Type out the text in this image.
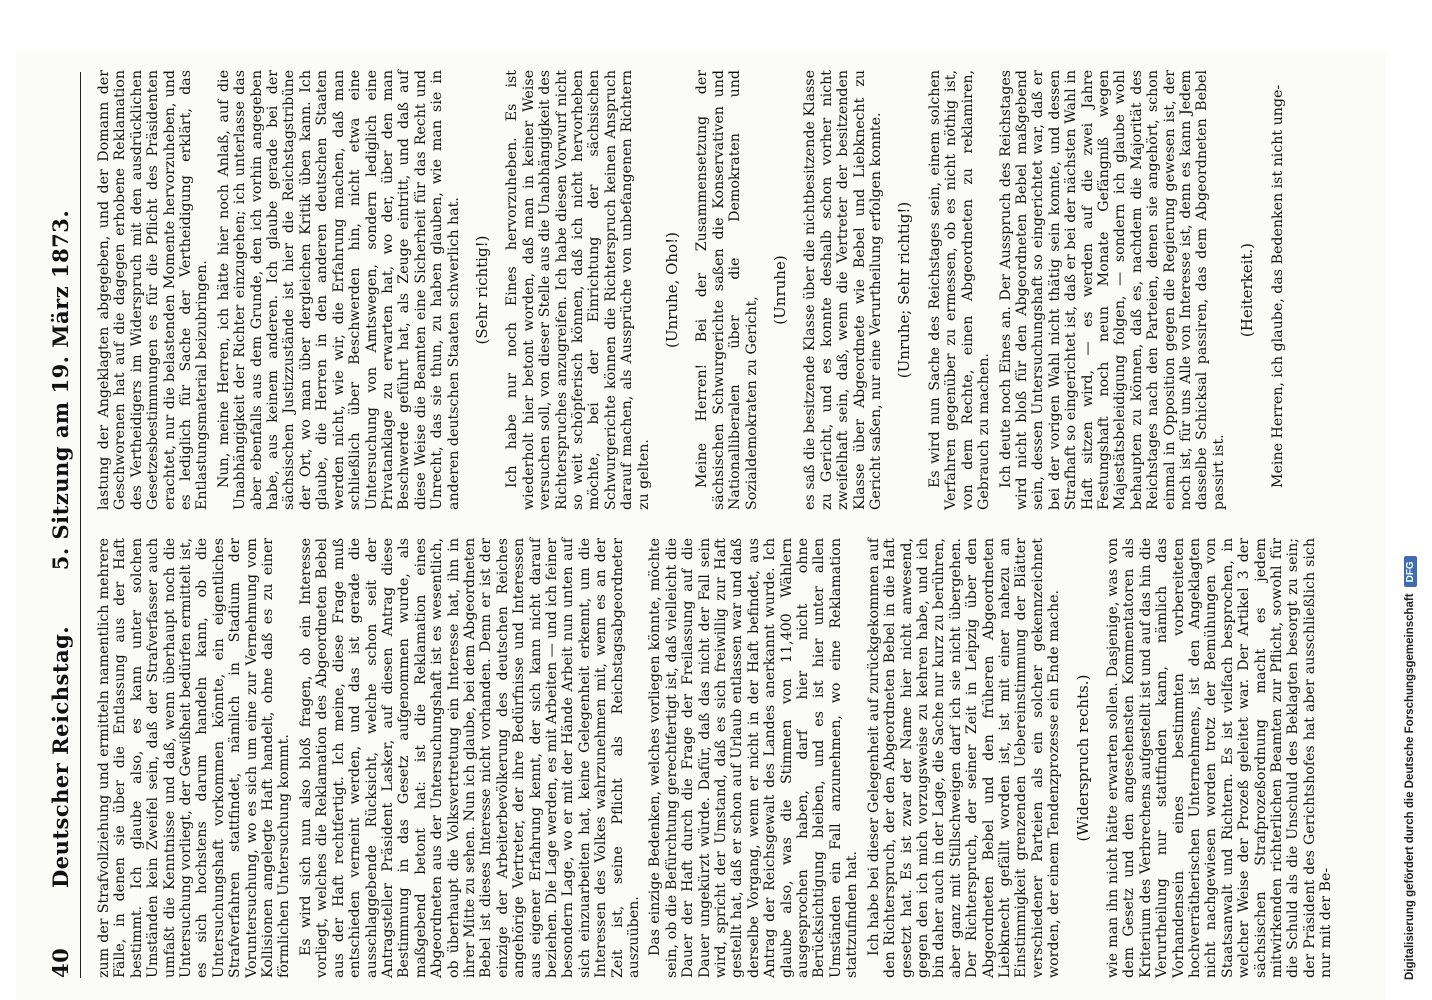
40
Deutscher Reichstag.
5. Sitzung am 19. März 1873.

zum der Strafvollziehung und ermitteln namentlich mehrere Fälle, in denen sie über die Entlassung aus der Haft bestimmt. Ich glaube also, es kann unter solchen Umständen kein Zweifel sein, daß der Strafverfasser auch umfaßt die Kenntnisse und daß, wenn überhaupt noch die Untersuchung vorliegt, der Gewißheit bedürfen ermittelt ist, es sich hochstens darum handeln kann, ob die Untersuchungshaft vorkommen könnte, ein eigentliches Strafverfahren stattfindet, nämlich in Stadium der Voruntersuchung, wo es sich um eine zur Vernehmung vom Kollisionen angelegte Haft handelt, ohne daß es zu einer förmlichen Untersuchung kommt. Es wird sich nun also bloß fragen, ob ein Interesse vorliegt, welches die Reklamation des Abgeordneten Bebel aus der Haft rechtfertigt. Ich meine, diese Frage muß entschieden verneint werden, und das ist gerade die ausschlaggebende Rücksicht, welche schon seit der Antragsteller Präsident Lasker, auf diesen Antrag diese Bestimmung in das Gesetz aufgenommen wurde, als maßgebend betont hat: ist die Reklamation eines Abgeordneten aus der Untersuchungshaft ist es wesentlich, ob überhaupt die Volksvertretung ein Interesse hat, ihn in ihrer Mitte zu sehen. Nun ich glaube, bei dem Abgeordneten Bebel ist dieses Interesse nicht vorhanden. Denn er ist der einzige der Arbeiterbevölkerung des deutschen Reiches angehörige Vertreter, der ihre Bedürfnisse und Interessen aus eigener Erfahrung kennt, der sich kann nicht darauf beziehen. Die Lage werden, es mit Arbeiten — und ich feiner besondern Lage, wo er mit der Hände Arbeit nun unten auf sich einzuarbeiten hat, keine Gelegenheit erkennt, um die Interessen des Volkes wahrzunehmen mit, wenn es an der Zeit ist, seine Pflicht als Reichstagsabgeordneter auszuüben. Das einzige Bedenken, welches vorliegen könnte, möchte sein, ob die Befürchtung gerechtfertigt ist, daß vielleicht die Dauer der Haft durch die Frage der Freilassung auf die Dauer ungekürzt würde. Dafür, daß das nicht der Fall sein wird, spricht der Umstand, daß es sich freiwillig zur Haft gestellt hat, daß er schon auf Urlaub entlassen war und daß derselbe Vorgang, wenn er nicht in der Haft befindet, aus Antrag der Reichsgewalt des Landes anerkannt wurde. Ich glaube also, was die Stimmen von 11,400 Wählern ausgesprochen haben, darf hier nicht ohne Berücksichtigung bleiben, und es ist hier unter allen Umständen ein Fall anzunehmen, wo eine Reklamation stattzufinden hat. Ich habe bei dieser Gelegenheit auf zurückgekommen auf den Richterspruch, der den Abgeordneten Bebel in die Haft gesetzt hat. Es ist zwar der Name hier nicht anwesend, gegen den ich mich vorzugsweise zu kehren habe, und ich bin daher auch in der Lage, die Sache nur kurz zu berühren, aber ganz mit Stillschweigen darf ich sie nicht übergehen. Der Richterspruch, der seiner Zeit in Leipzig über den Abgeordneten Bebel und den früheren Abgeordneten Liebknecht gefällt worden ist, ist mit einer nahezu an Einstimmigkeit grenzenden Uebereinstimmung der Blätter verschiedener Parteien als ein solcher gekennzeichnet worden, der einem Tendenzprozesse ein Ende mache. (Widerspruch rechts.) wie man ihn nicht hätte erwarten sollen. Dasjenige, was von dem Gesetz und den angesehensten Kommentatoren als Kriterium des Verbrechens aufgestellt ist und auf das hin die Verurtheilung nur stattfinden kann, nämlich das Vorhandensein eines bestimmten vorbereiteten hochverrätherischen Unternehmens, ist den Angeklagten nicht nachgewiesen worden trotz der Bemühungen von Staatsanwalt und Richtern. Es ist vielfach besprochen, in welcher Weise der Prozeß geleitet war. Der Artikel 3 der sächsischen Strafprozeßordnung macht es jedem mitwirkenden richterlichen Beamten zur Pflicht, sowohl für die Schuld als die Unschuld des Beklagten besorgt zu sein; der Präsident des Gerichtshofes hat aber ausschließlich sich nur mit der Be-

lastung der Angeklagten abgegeben, und der Domann der Geschworenen hat auf die dagegen erhobene Reklamation des Vertheidigers im Widerspruch mit den ausdrücklichen Gesetzesbestimmungen es für die Pflicht des Präsidenten erachtet, nur die belastenden Momente hervorzuheben, und es lediglich für Sache der Vertheidigung erklärt, das Entlastungsmaterial beizubringen. Nun, meine Herren, ich hätte hier noch Anlaß, auf die Unabhängigkeit der Richter einzugehen; ich unterlasse das aber ebenfalls aus dem Grunde, den ich vorhin angegeben habe, aus keinem anderen. Ich glaube gerade bei der sächsischen Justizzustände ist hier die Reichstagstribüne der Ort, wo man über dergleichen Kritik üben kann. Ich glaube, die Herren in den anderen deutschen Staaten werden nicht, wie wir, die Erfahrung machen, daß man schließlich über Beschwerden hin, nicht etwa eine Untersuchung von Amtswegen, sondern lediglich eine Privatanklage zu erwarten hat, wo der, über den man Beschwerde geführt hat, als Zeuge eintritt, und daß auf diese Weise die Beamten eine Sicherheit für das Recht und Unrecht, das sie thun, zu haben glauben, wie man sie in anderen deutschen Staaten schwerlich hat. (Sehr richtig!) Ich habe nur noch Eines hervorzuheben. Es ist wiederholt hier betont worden, daß man in keiner Weise versuchen soll, von dieser Stelle aus die Unabhängigkeit des Richterspruches anzugreifen. Ich habe diesen Vorwurf nicht so weit schöpferisch können, daß ich nicht hervorheben möchte, bei der Einrichtung der sächsischen Schwurgerichte können die Richterspruch keinen Anspruch darauf machen, als Aussprüche von unbefangenen Richtern zu gelten.

(Unruhe, Oho!) Meine Herren! Bei der Zusammensetzung der sächsischen Schwurgerichte saßen die Konservativen und Nationalliberalen über die Demokraten und Sozialdemokraten zu Gericht,

(Unruhe) es saß die besitzende Klasse über die nichtbesitzende Klasse zu Gericht, und es konnte deshalb schon vorher nicht zweifelhaft sein, daß, wenn die Vertreter der besitzenden Klasse über Abgeordnete wie Bebel und Liebknecht zu Gericht saßen, nur eine Verurtheilung erfolgen konnte. (Unruhe; Sehr richtig!) Es wird nun Sache des Reichstages sein, einem solchen Verfahren gegenüber zu ermessen, ob es nicht nöthig ist, von dem Rechte, einen Abgeordneten zu reklamiren, Gebrauch zu machen. Ich deute noch Eines an. Der Ausspruch des Reichstages wird nicht bloß für den Abgeordneten Bebel maßgebend sein, dessen Untersuchungshaft so eingerichtet war, daß er bei der vorigen Wahl nicht thätig sein konnte, und dessen Strafhaft so eingerichtet ist, daß er bei der nächsten Wahl in Haft sitzen wird, — es werden auf die zwei Jahre Festungshaft noch neun Monate Gefängniß wegen Majestätsbeleidigung folgen, — sondern ich glaube wohl behaupten zu können, daß es, nachdem die Majorität des Reichstages nach den Parteien, denen sie angehört, schon einmal in Opposition gegen die Regierung gewesen ist, der noch ist, für uns Alle von Interesse ist, denn es kann Jedem dasselbe Schicksal passiren, das dem Abgeordneten Bebel passirt ist.

(Heiterkeit.) Meine Herren, ich glaube, das Bedenken ist nicht unge-

Digitalisierung gefördert durch die Deutsche ForschungsgemeinschaftDFG
